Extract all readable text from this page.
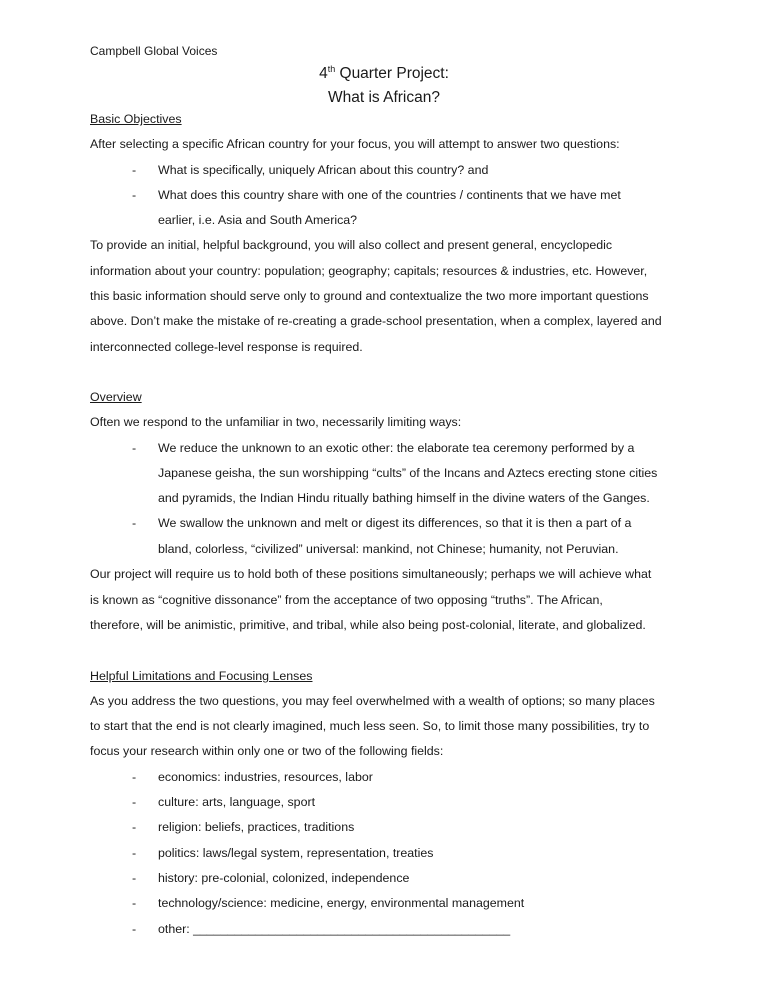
Campbell Global Voices
4th Quarter Project:
What is African?
Basic Objectives
After selecting a specific African country for your focus, you will attempt to answer two questions:
- What is specifically, uniquely African about this country? and
- What does this country share with one of the countries / continents that we have met
earlier, i.e. Asia and South America?
To provide an initial, helpful background, you will also collect and present general, encyclopedic
information about your country: population; geography; capitals; resources & industries, etc. However,
this basic information should serve only to ground and contextualize the two more important questions
above. Don’t make the mistake of re-creating a grade-school presentation, when a complex, layered and
interconnected college-level response is required.
Overview
Often we respond to the unfamiliar in two, necessarily limiting ways:
- We reduce the unknown to an exotic other: the elaborate tea ceremony performed by a
Japanese geisha, the sun worshipping “cults” of the Incans and Aztecs erecting stone cities
and pyramids, the Indian Hindu ritually bathing himself in the divine waters of the Ganges.
- We swallow the unknown and melt or digest its differences, so that it is then a part of a
bland, colorless, “civilized” universal: mankind, not Chinese; humanity, not Peruvian.
Our project will require us to hold both of these positions simultaneously; perhaps we will achieve what
is known as “cognitive dissonance” from the acceptance of two opposing “truths”. The African,
therefore, will be animistic, primitive, and tribal, while also being post-colonial, literate, and globalized.
Helpful Limitations and Focusing Lenses
As you address the two questions, you may feel overwhelmed with a wealth of options; so many places
to start that the end is not clearly imagined, much less seen. So, to limit those many possibilities, try to
focus your research within only one or two of the following fields:
- economics: industries, resources, labor
- culture: arts, language, sport
- religion: beliefs, practices, traditions
- politics: laws/legal system, representation, treaties
- history: pre-colonial, colonized, independence
- technology/science: medicine, energy, environmental management
- other: ______________________________________________
